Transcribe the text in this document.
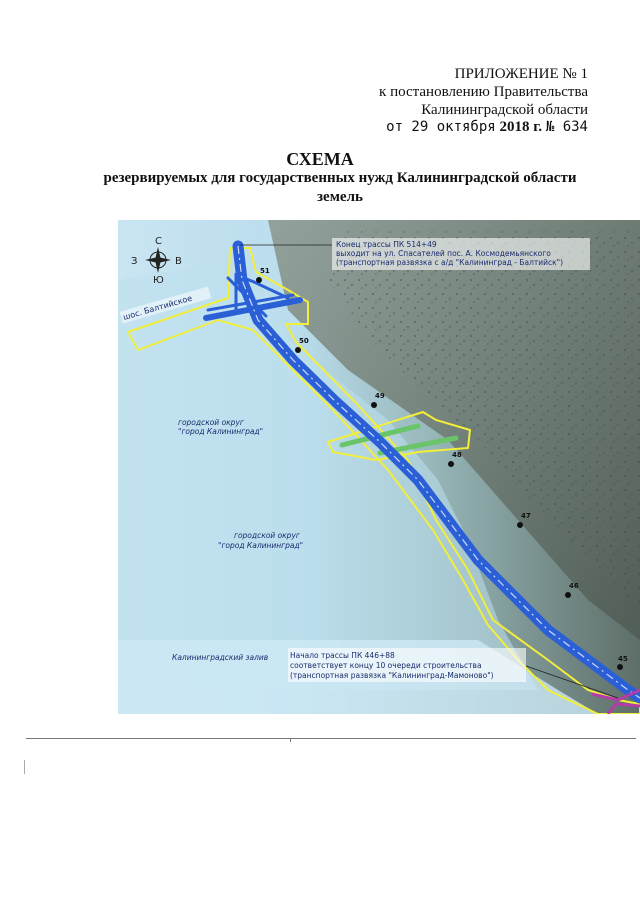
ПРИЛОЖЕНИЕ № 1
к постановлению Правительства
Калининградской области
от 29 октября 2018 г. № 634
СХЕМА
резервируемых для государственных нужд Калининградской области
земель
С
Ю
З	В
Конец трассы ПК 514+49
выходит на ул. Спасателей пос. А. Космодемьянского
(транспортная развязка с а/д "Калининград - Балтийск")
Начало трассы ПК 446+88
соответствует концу 10 очереди строительства
(транспортная развязка "Калининград-Мамоново")
шос. Балтийское
городской округ
"город Калининград"
городской округ
"город Калининград"
Калининградский залив
51
50
49
48
47
46
45
